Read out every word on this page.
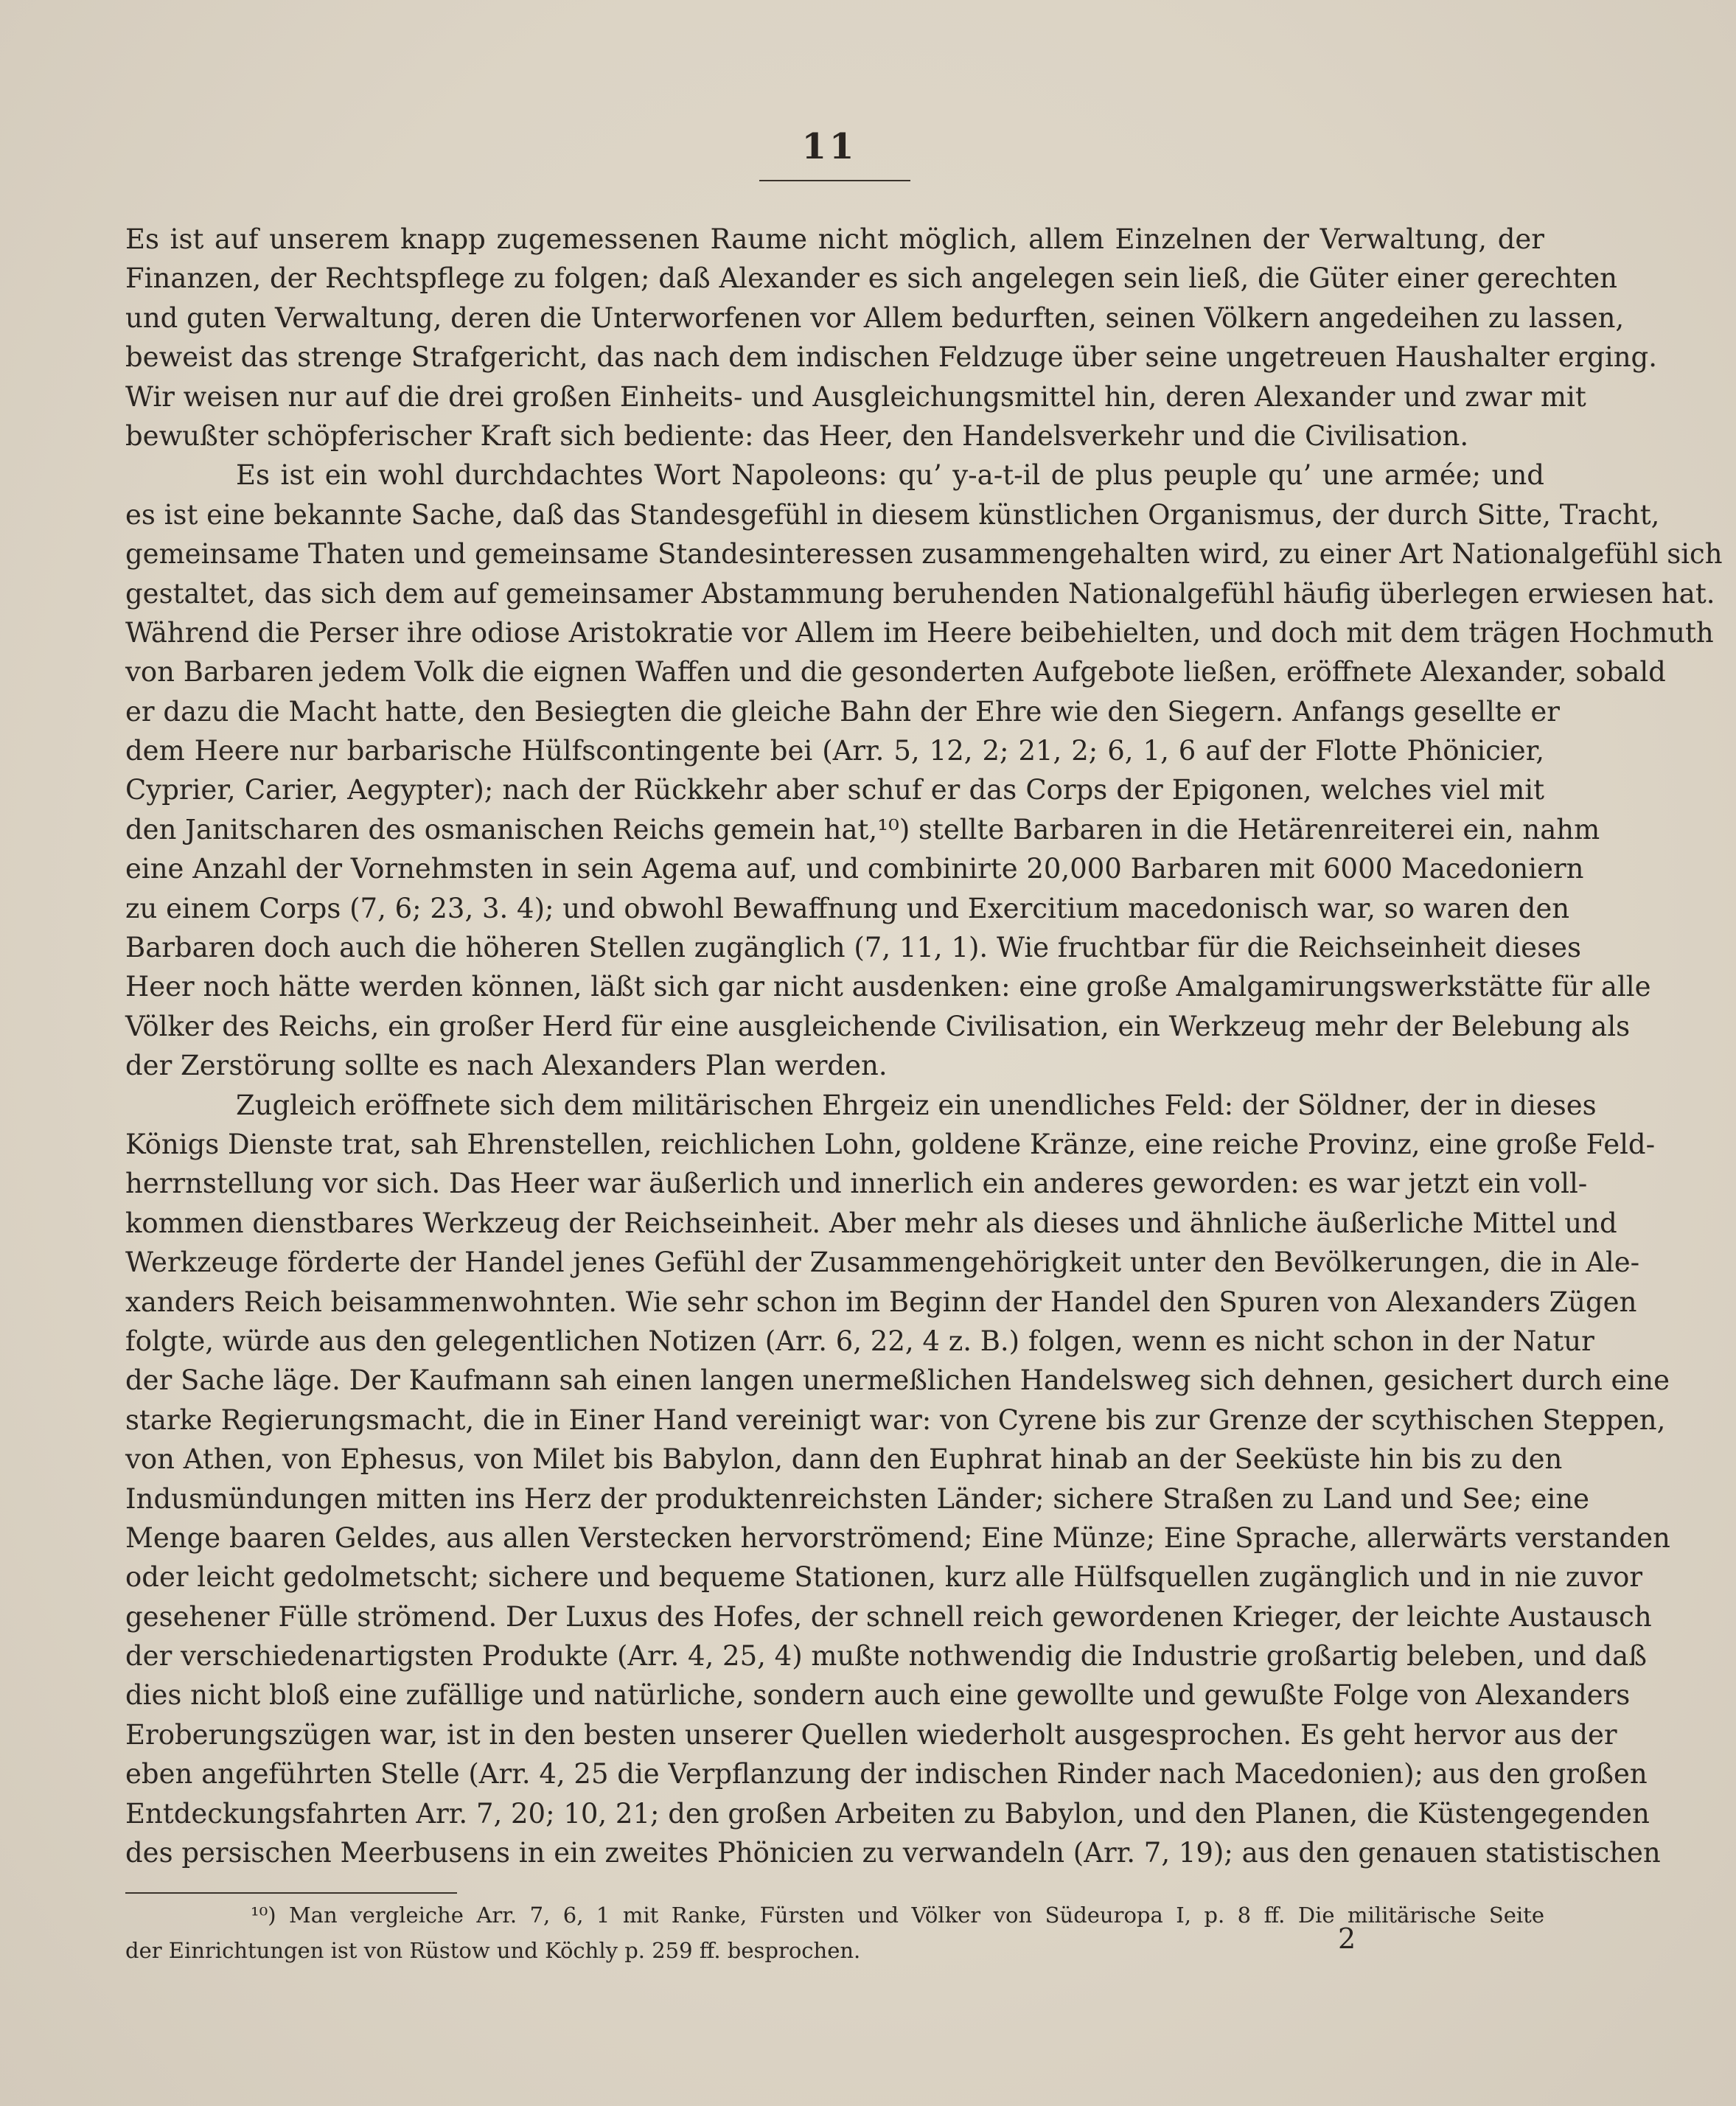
11
Es ist auf unserem knapp zugemessenen Raume nicht möglich, allem Einzelnen der Verwaltung, der
Finanzen, der Rechtspflege zu folgen; daß Alexander es sich angelegen sein ließ, die Güter einer gerechten
und guten Verwaltung, deren die Unterworfenen vor Allem bedurften, seinen Völkern angedeihen zu lassen,
beweist das strenge Strafgericht, das nach dem indischen Feldzuge über seine ungetreuen Haushalter erging.
Wir weisen nur auf die drei großen Einheits- und Ausgleichungsmittel hin, deren Alexander und zwar mit
bewußter schöpferischer Kraft sich bediente: das Heer, den Handelsverkehr und die Civilisation.
Es ist ein wohl durchdachtes Wort Napoleons: qu’ y-a-t-il de plus peuple qu’ une armée; und
es ist eine bekannte Sache, daß das Standesgefühl in diesem künstlichen Organismus, der durch Sitte, Tracht,
gemeinsame Thaten und gemeinsame Standesinteressen zusammengehalten wird, zu einer Art Nationalgefühl sich
gestaltet, das sich dem auf gemeinsamer Abstammung beruhenden Nationalgefühl häufig überlegen erwiesen hat.
Während die Perser ihre odiose Aristokratie vor Allem im Heere beibehielten, und doch mit dem trägen Hochmuth
von Barbaren jedem Volk die eignen Waffen und die gesonderten Aufgebote ließen, eröffnete Alexander, sobald
er dazu die Macht hatte, den Besiegten die gleiche Bahn der Ehre wie den Siegern. Anfangs gesellte er
dem Heere nur barbarische Hülfscontingente bei (Arr. 5, 12, 2; 21, 2; 6, 1, 6 auf der Flotte Phönicier,
Cyprier, Carier, Aegypter); nach der Rückkehr aber schuf er das Corps der Epigonen, welches viel mit
den Janitscharen des osmanischen Reichs gemein hat,¹⁰) stellte Barbaren in die Hetärenreiterei ein, nahm
eine Anzahl der Vornehmsten in sein Agema auf, und combinirte 20,000 Barbaren mit 6000 Macedoniern
zu einem Corps (7, 6; 23, 3. 4); und obwohl Bewaffnung und Exercitium macedonisch war, so waren den
Barbaren doch auch die höheren Stellen zugänglich (7, 11, 1). Wie fruchtbar für die Reichseinheit dieses
Heer noch hätte werden können, läßt sich gar nicht ausdenken: eine große Amalgamirungswerkstätte für alle
Völker des Reichs, ein großer Herd für eine ausgleichende Civilisation, ein Werkzeug mehr der Belebung als
der Zerstörung sollte es nach Alexanders Plan werden.
Zugleich eröffnete sich dem militärischen Ehrgeiz ein unendliches Feld: der Söldner, der in dieses
Königs Dienste trat, sah Ehrenstellen, reichlichen Lohn, goldene Kränze, eine reiche Provinz, eine große Feld-
herrnstellung vor sich. Das Heer war äußerlich und innerlich ein anderes geworden: es war jetzt ein voll-
kommen dienstbares Werkzeug der Reichseinheit. Aber mehr als dieses und ähnliche äußerliche Mittel und
Werkzeuge förderte der Handel jenes Gefühl der Zusammengehörigkeit unter den Bevölkerungen, die in Ale-
xanders Reich beisammenwohnten. Wie sehr schon im Beginn der Handel den Spuren von Alexanders Zügen
folgte, würde aus den gelegentlichen Notizen (Arr. 6, 22, 4 z. B.) folgen, wenn es nicht schon in der Natur
der Sache läge. Der Kaufmann sah einen langen unermeßlichen Handelsweg sich dehnen, gesichert durch eine
starke Regierungsmacht, die in Einer Hand vereinigt war: von Cyrene bis zur Grenze der scythischen Steppen,
von Athen, von Ephesus, von Milet bis Babylon, dann den Euphrat hinab an der Seeküste hin bis zu den
Indusmündungen mitten ins Herz der produktenreichsten Länder; sichere Straßen zu Land und See; eine
Menge baaren Geldes, aus allen Verstecken hervorströmend; Eine Münze; Eine Sprache, allerwärts verstanden
oder leicht gedolmetscht; sichere und bequeme Stationen, kurz alle Hülfsquellen zugänglich und in nie zuvor
gesehener Fülle strömend. Der Luxus des Hofes, der schnell reich gewordenen Krieger, der leichte Austausch
der verschiedenartigsten Produkte (Arr. 4, 25, 4) mußte nothwendig die Industrie großartig beleben, und daß
dies nicht bloß eine zufällige und natürliche, sondern auch eine gewollte und gewußte Folge von Alexanders
Eroberungszügen war, ist in den besten unserer Quellen wiederholt ausgesprochen. Es geht hervor aus der
eben angeführten Stelle (Arr. 4, 25 die Verpflanzung der indischen Rinder nach Macedonien); aus den großen
Entdeckungsfahrten Arr. 7, 20; 10, 21; den großen Arbeiten zu Babylon, und den Planen, die Küstengegenden
des persischen Meerbusens in ein zweites Phönicien zu verwandeln (Arr. 7, 19); aus den genauen statistischen
¹⁰) Man vergleiche Arr. 7, 6, 1 mit Ranke, Fürsten und Völker von Südeuropa I, p. 8 ff. Die militärische Seite
der Einrichtungen ist von Rüstow und Köchly p. 259 ff. besprochen.	2
